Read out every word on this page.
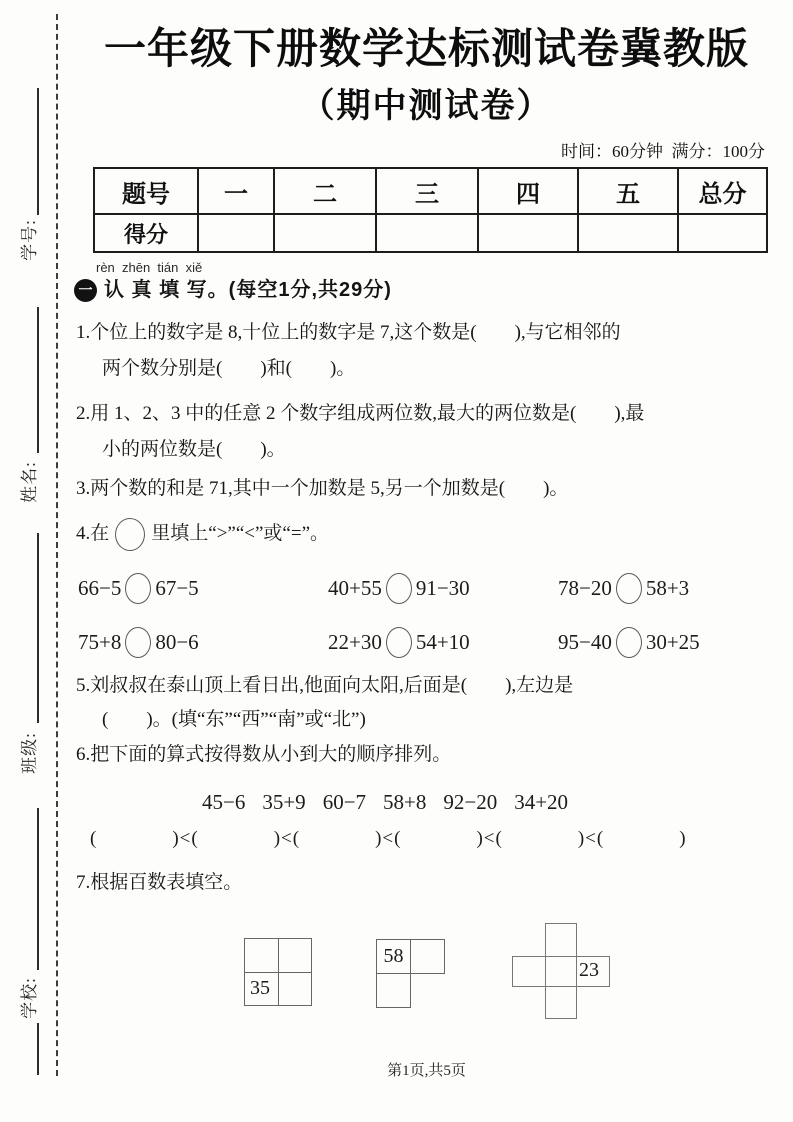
学号:
姓名:
班级:
学校:
一年级下册数学达标测试卷冀教版
（期中测试卷）
时间：60分钟  满分：100分
题号	一	二	三	四	五	总分
得分						
rèn  zhēn  tián  xiě
一 认 真 填 写。(每空1分,共29分)
1.个位上的数字是 8,十位上的数字是 7,这个数是(        ),与它相邻的
两个数分别是(        )和(        )。
2.用 1、2、3 中的任意 2 个数字组成两位数,最大的两位数是(        ),最
小的两位数是(        )。
3.两个数的和是 71,其中一个加数是 5,另一个加数是(        )。
4.在 里填上“>”“<”或“=”。
66−5 67−5	40+55 91−30	78−20 58+3
75+8 80−6	22+30 54+10	95−40 30+25
5.刘叔叔在泰山顶上看日出,他面向太阳,后面是(        ),左边是
(        )。(填“东”“西”“南”或“北”)
6.把下面的算式按得数从小到大的顺序排列。
45−6 35+9 60−7 58+8 92−20 34+20
(                ) < (                ) < (                ) < (                ) < (                ) < (                )
7.根据百数表填空。
35
58
23
第1页,共5页
